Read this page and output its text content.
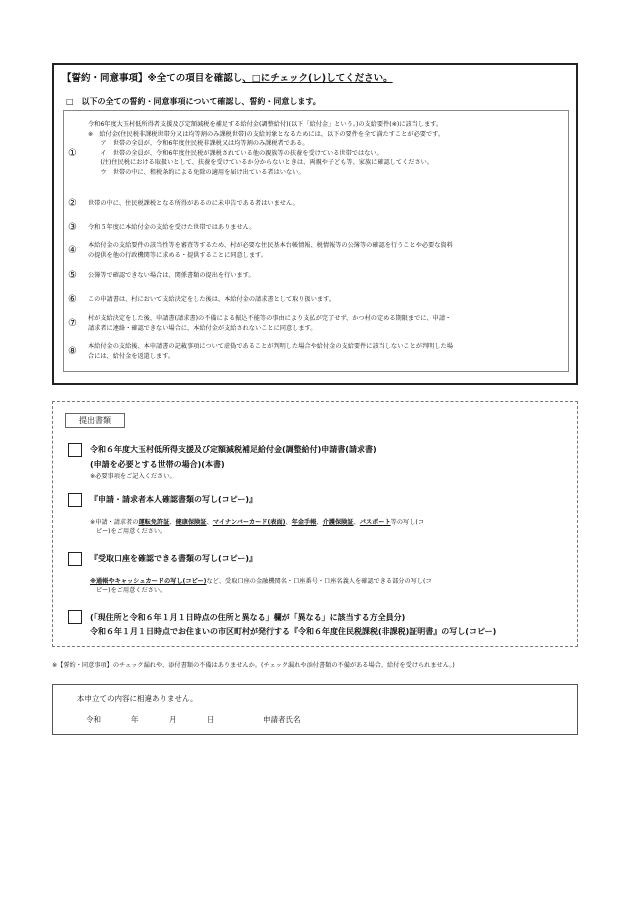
【誓約・同意事項】※全ての項目を確認し、□にチェック(レ)してください。
□　以下の全ての誓約・同意事項について確認し、誓約・同意します。
①
令和6年度大玉村低所得者支援及び定額減税を補足する給付金(調整給付)(以下「給付金」という。)の支給要件(※)に該当します。
※　給付金(住民税非課税世帯分又は均等割のみ課税世帯)の支給対象となるためには、以下の要件を全て満たすことが必要です。
　　ア　世帯の全員が、令和6年度住民税非課税又は均等割のみ課税者である。
　　イ　世帯の全員が、令和6年度住民税が課税されている他の親族等の扶養を受けている世帯ではない。
　　(注)住民税における取扱いとして、扶養を受けているか分からないときは、両親や子ども等、家族に確認してください。
　　ウ　世帯の中に、租税条約による免除の適用を届け出ている者はいない。
② 世帯の中に、住民税課税となる所得があるのに未申告である者はいません。
③ 令和５年度に本給付金の支給を受けた世帯ではありません。
④ 本給付金の支給要件の該当性等を審査等するため、村が必要な住民基本台帳情報、税情報等の公簿等の確認を行うことや必要な資料
の提供を他の行政機関等に求める・提供することに同意します。
⑤ 公簿等で確認できない場合は、関係書類の提出を行います。
⑥ この申請書は、村において支給決定をした後は、本給付金の請求書として取り扱います。
⑦ 村が支給決定をした後、申請書(請求書)の不備による振込不能等の事由により支払が完了せず、かつ村の定める期限までに、申請・
請求者に連絡・確認できない場合に、本給付金が支給されないことに同意します。
⑧ 本給付金の支給後、本申請書の記載事項について虚偽であることが判明した場合や給付金の支給要件に該当しないことが判明した場
合には、給付金を返還します。
提出書類
令和６年度大玉村低所得支援及び定額減税補足給付金(調整給付)申請書(請求書)
(申請を必要とする世帯の場合)(本書)
※必要事項をご記入ください。
『申請・請求者本人確認書類の写し(コピー)』
※申請・請求者の運転免許証、健康保険証、マイナンバーカード(表面)、年金手帳、介護保険証、パスポート等の写し(コ
ピー)をご用意ください。
『受取口座を確認できる書類の写し(コピー)』
※通帳やキャッシュカードの写し(コピー)など、受取口座の金融機関名・口座番号・口座名義人を確認できる部分の写し(コ
ピー)をご用意ください。
(「現住所と令和６年１月１日時点の住所と異なる」欄が「異なる」に該当する方全員分)
令和６年１月１日時点でお住まいの市区町村が発行する『令和６年度住民税課税(非課税)証明書』の写し(コピー)
※【誓約・同意事項】のチェック漏れや、添付書類の不備はありませんか。(チェック漏れや添付書類の不備がある場合、給付を受けられません。)
本申立ての内容に相違ありません。
令和	年	月	日	申請者氏名
